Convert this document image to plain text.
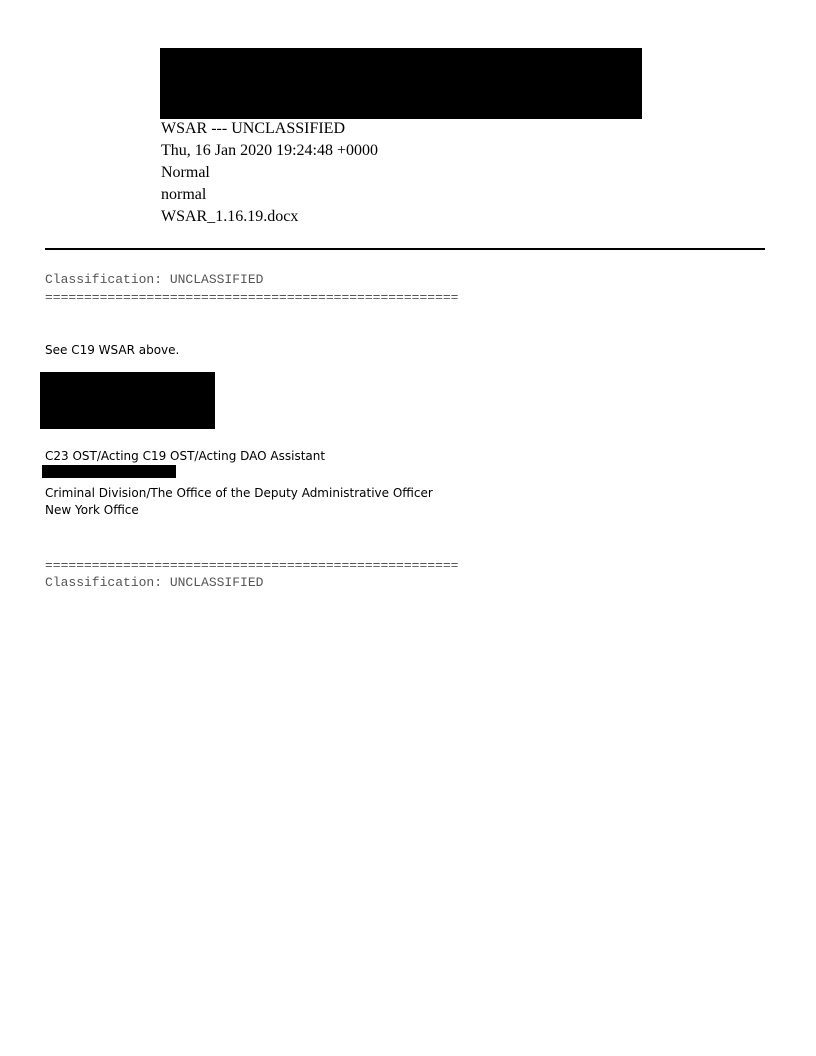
WSAR --- UNCLASSIFIED
Thu, 16 Jan 2020 19:24:48 +0000
Normal
normal
WSAR_1.16.19.docx
Classification: UNCLASSIFIED
=====================================================
See C19 WSAR above.
C23 OST/Acting C19 OST/Acting DAO Assistant
Criminal Division/The Office of the Deputy Administrative Officer
New York Office
=====================================================
Classification: UNCLASSIFIED
